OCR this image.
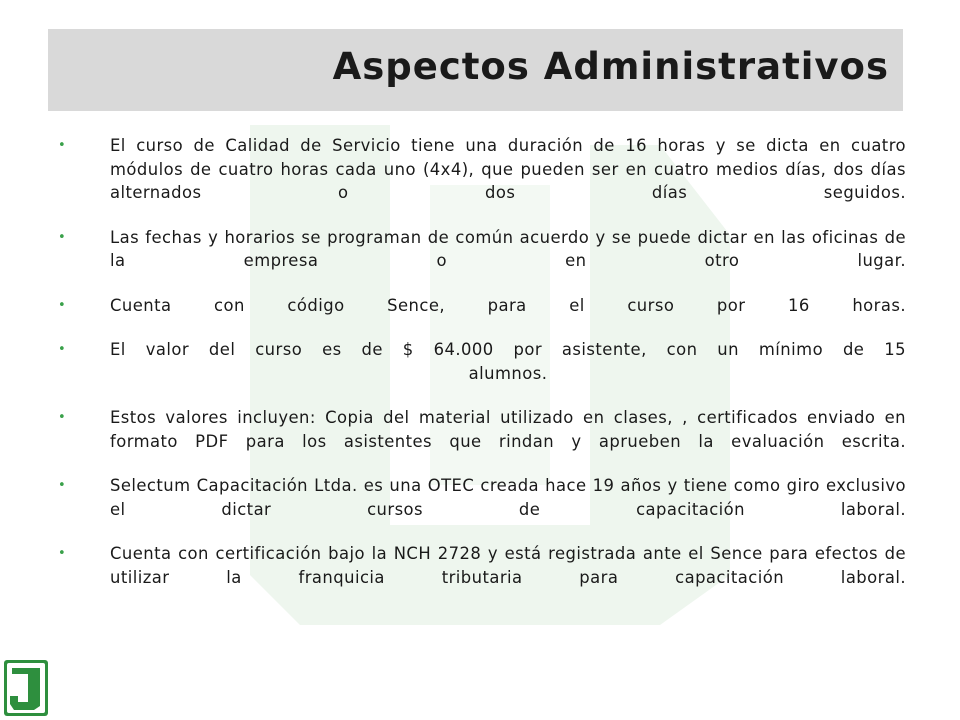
Aspectos Administrativos
•	El curso de Calidad de Servicio tiene una duración de 16 horas y se dicta en cuatro módulos de cuatro horas cada uno (4x4), que pueden ser en cuatro medios días, dos días alternados o dos días seguidos.
•	Las fechas y horarios se programan de común acuerdo y se puede dictar en las oficinas de la empresa o en otro lugar.
•	Cuenta con código Sence, para el curso por 16 horas.
•	El valor del curso es de $ 64.000 por asistente, con un mínimo de 15
alumnos.
•	Estos valores incluyen: Copia del material utilizado en clases, , certificados enviado en formato PDF para los asistentes que rindan y aprueben la evaluación escrita.
•	Selectum Capacitación Ltda. es una OTEC creada hace 19 años y tiene como giro exclusivo el dictar cursos de capacitación laboral.
•	Cuenta con certificación bajo la NCH 2728 y está registrada ante el Sence para efectos de utilizar la franquicia tributaria para capacitación laboral.
